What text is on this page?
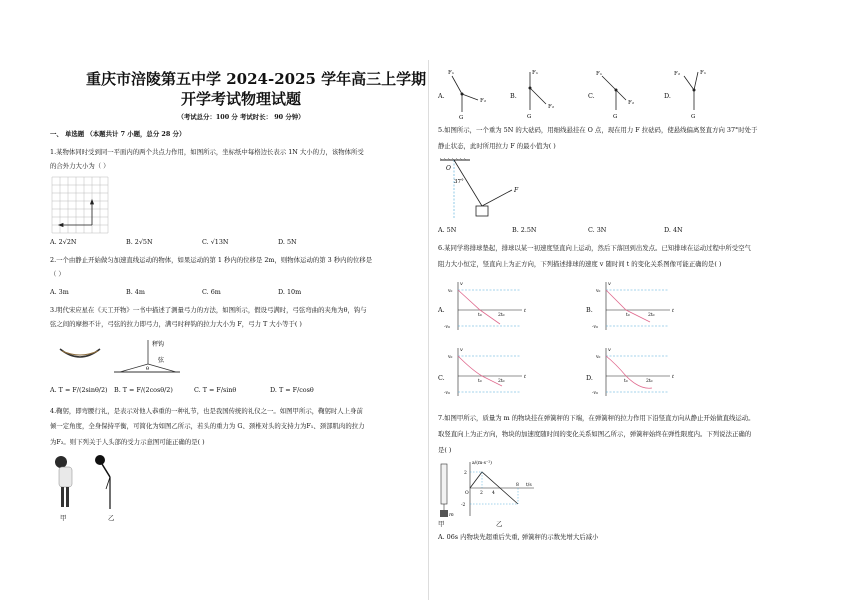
重庆市涪陵第五中学 2024-2025 学年高三上学期
开学考试物理试题
（考试总分：100 分 考试时长： 90 分钟）
一、 单选题 （本题共计 7 小题，总分 28 分）
1.某物体同时受到同一平面内的两个共点力作用，如图所示，坐标纸中每格边长表示 1N 大小的力，该物体所受
的合外力大小为（ ）
A. 2√2N	B. 2√5N	C. √13N	D. 5N
2.一个由静止开始做匀加速直线运动的物体，如果运动的第 1 秒内的位移是 2m，则物体运动的第 3 秒内的位移是
（ ）
A. 3m	B. 4m	C. 6m	D. 10m
3.明代宋应星在《天工开物》一书中描述了测量弓力的方法，如图所示，假设弓满时，弓弦弯曲的夹角为θ，钩与
弦之间的摩擦不计，弓弦的拉力即弓力，满弓时秤钩的拉力大小为 F，弓力 T 大小等于( )
秤钩
弦
θ
A. T = F/(2sinθ/2) B. T = F/(2cosθ/2)	C. T = F/sinθ	D. T = F/cosθ
4.鞠躬，即弯腰行礼，是表示对他人恭重的一种礼节，也是我国传统的礼仪之一。如图甲所示，鞠躬时人上身前
倾一定角度，全身保持平衡，可简化为如图乙所示，若头的重力为 G、颈椎对头的支持力为F₁、颈部肌肉的拉力
为F₂。则下列关于人头部的受力示意图可能正确的是( )
甲	乙
A.	B.	C.	D.
F₁
F₂
G
F₁
F₂
G
F₁
F₂
G
F₂	F₁
G
5.如图所示，一个重为 5N 的大砝码，用细线悬挂在 O 点，现在用力 F 拉砝码，使悬线偏离竖直方向 37°时处于
静止状态，此时所用拉力 F 的最小值为( )
O
37°
F
A. 5N	B. 2.5N	C. 3N	D. 4N
6.某同学将排球垫起，排球以某一初速度竖直向上运动，然后下落回到出发点。已知排球在运动过程中所受空气
阻力大小恒定，竖直向上为正方向，下列描述排球的速度 v 随时间 t 的变化关系图像可能正确的是( )
A.	B.
C.	D.
v
t
v₀
-v₀
t₀	2t₀
v
t
v₀
-v₀
t₀	2t₀
v
t
v₀
-v₀
t₀	2t₀
v
t
v₀
-v₀
t₀	2t₀
7.如图甲所示，质量为 m 的物块挂在弹簧秤的下端，在弹簧秤的拉力作用下沿竖直方向从静止开始做直线运动。
取竖直向上为正方向，物块的加速度随时间的变化关系如图乙所示，弹簧秤始终在弹性限度内。下列说法正确的
是( )
m
甲
a/(m·s⁻²)
t/s
2
2 4
8
-2
O
乙
A. 06s 内物块先超重后失重, 弹簧秤的示数先增大后减小
